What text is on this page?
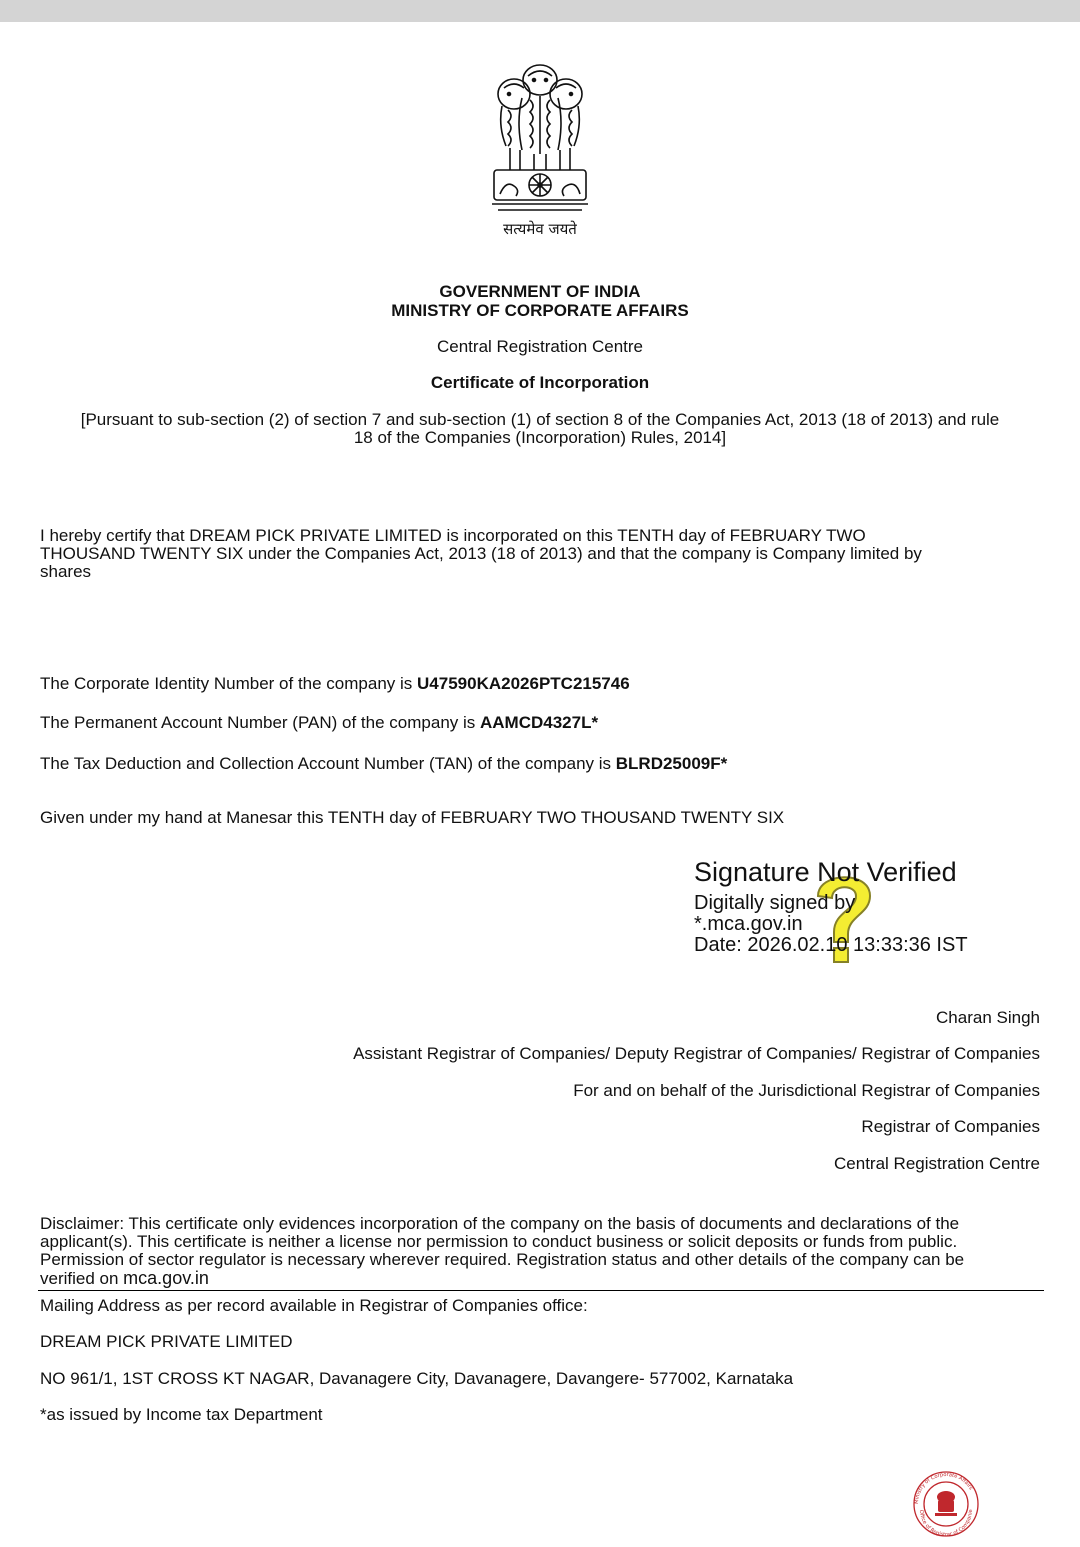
सत्यमेव जयते
GOVERNMENT OF INDIA
MINISTRY OF CORPORATE AFFAIRS
Central Registration Centre
Certificate of Incorporation
[Pursuant to sub-section (2) of section 7 and sub-section (1) of section 8 of the Companies Act, 2013 (18 of 2013) and rule
18 of the Companies (Incorporation) Rules, 2014]
I hereby certify that DREAM PICK PRIVATE LIMITED is incorporated on this TENTH day of FEBRUARY TWO
THOUSAND TWENTY SIX under the Companies Act, 2013 (18 of 2013) and that the company is Company limited by
shares
The Corporate Identity Number of the company is U47590KA2026PTC215746
The Permanent Account Number (PAN) of the company is AAMCD4327L*
The Tax Deduction and Collection Account Number (TAN) of the company is BLRD25009F*
Given under my hand at Manesar this TENTH day of FEBRUARY TWO THOUSAND TWENTY SIX
Signature Not Verified
Digitally signed by
*.mca.gov.in
Date: 2026.02.10 13:33:36 IST
Charan Singh
Assistant Registrar of Companies/ Deputy Registrar of Companies/ Registrar of Companies
For and on behalf of the Jurisdictional Registrar of Companies
Registrar of Companies
Central Registration Centre
Disclaimer: This certificate only evidences incorporation of the company on the basis of documents and declarations of the
applicant(s). This certificate is neither a license nor permission to conduct business or solicit deposits or funds from public.
Permission of sector regulator is necessary wherever required. Registration status and other details of the company can be
verified on mca.gov.in
Mailing Address as per record available in Registrar of Companies office:
DREAM PICK PRIVATE LIMITED
NO 961/1, 1ST CROSS KT NAGAR, Davanagere City, Davanagere, Davangere- 577002, Karnataka
*as issued by Income tax Department
Ministry of Corporate Affairs
Office of Registrar of Companie
